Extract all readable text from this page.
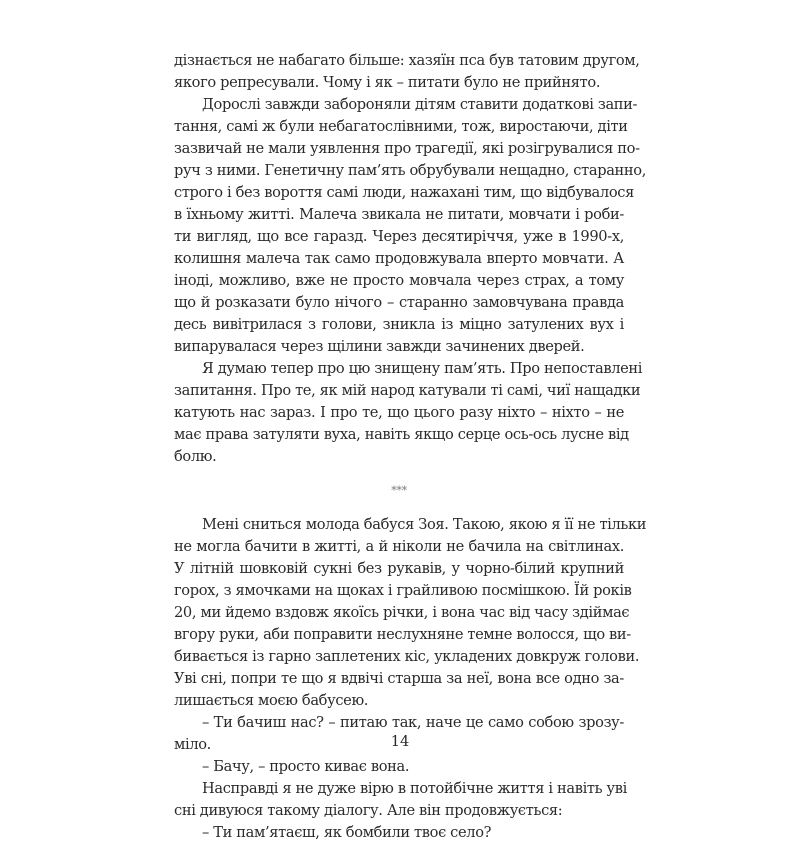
дізнається не набагато більше: хазяїн пса був татовим другом,
якого репресували. Чому і як – питати було не прийнято.
Дорослі завжди забороняли дітям ставити додаткові запи-
тання, самі ж були небагатослівними, тож, виростаючи, діти
зазвичай не мали уявлення про трагедії, які розігрувалися по-
руч з ними. Генетичну пам’ять обрубували нещадно, старанно,
строго і без вороття самі люди, нажахані тим, що відбувалося
в їхньому житті. Малеча звикала не питати, мовчати і роби-
ти вигляд, що все гаразд. Через десятиріччя, уже в 1990-х,
колишня малеча так само продовжувала вперто мовчати. А
іноді, можливо, вже не просто мовчала через страх, а тому
що й розказати було нічого – старанно замовчувана правда
десь вивітрилася з голови, зникла із міцно затулених вух і
випарувалася через щілини завжди зачинених дверей.
Я думаю тепер про цю знищену пам’ять. Про непоставлені
запитання. Про те, як мій народ катували ті самі, чиї нащадки
катують нас зараз. І про те, що цього разу ніхто – ніхто – не
має права затуляти вуха, навіть якщо серце ось-ось лусне від
болю.
***
Мені сниться молода бабуся Зоя. Такою, якою я її не тільки
не могла бачити в житті, а й ніколи не бачила на світлинах.
У літній шовковій сукні без рукавів, у чорно-білий крупний
горох, з ямочками на щоках і грайливою посмішкою. Їй років
20, ми йдемо вздовж якоїсь річки, і вона час від часу здіймає
вгору руки, аби поправити неслухняне темне волосся, що ви-
бивається із гарно заплетених кіс, укладених довкруж голови.
Уві сні, попри те що я вдвічі старша за неї, вона все одно за-
лишається моєю бабусею.
– Ти бачиш нас? – питаю так, наче це само собою зрозу-
міло.
– Бачу, – просто киває вона.
Насправді я не дуже вірю в потойбічне життя і навіть уві
сні дивуюся такому діалогу. Але він продовжується:
– Ти пам’ятаєш, як бомбили твоє село?
14
